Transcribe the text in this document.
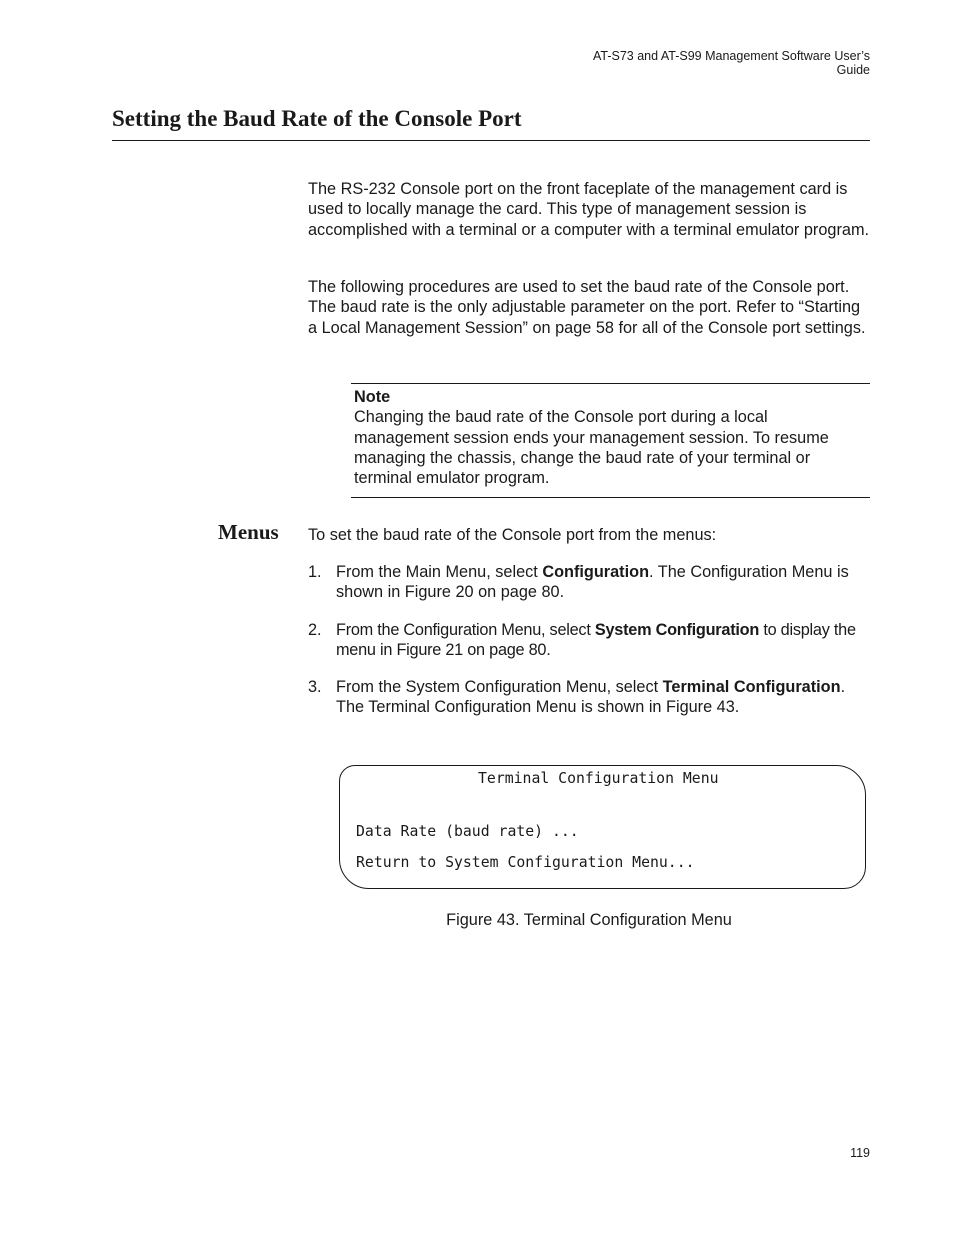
AT-S73 and AT-S99 Management Software User’s Guide
Setting the Baud Rate of the Console Port

The RS-232 Console port on the front faceplate of the management card is used to locally manage the card. This type of management session is accomplished with a terminal or a computer with a terminal emulator program.

The following procedures are used to set the baud rate of the Console port. The baud rate is the only adjustable parameter on the port. Refer to “Starting a Local Management Session” on page 58 for all of the Console port settings.

Note
Changing the baud rate of the Console port during a local management session ends your management session. To resume managing the chassis, change the baud rate of your terminal or terminal emulator program.
Menus To set the baud rate of the Console port from the menus:

1. From the Main Menu, select Configuration. The Configuration Menu is shown in Figure 20 on page 80.
2. From the Configuration Menu, select System Configuration to display the menu in Figure 21 on page 80.
3. From the System Configuration Menu, select Terminal Configuration. The Terminal Configuration Menu is shown in Figure 43.
Terminal Configuration Menu
Data Rate (baud rate) ...
Return to System Configuration Menu...
Figure 43. Terminal Configuration Menu
119
